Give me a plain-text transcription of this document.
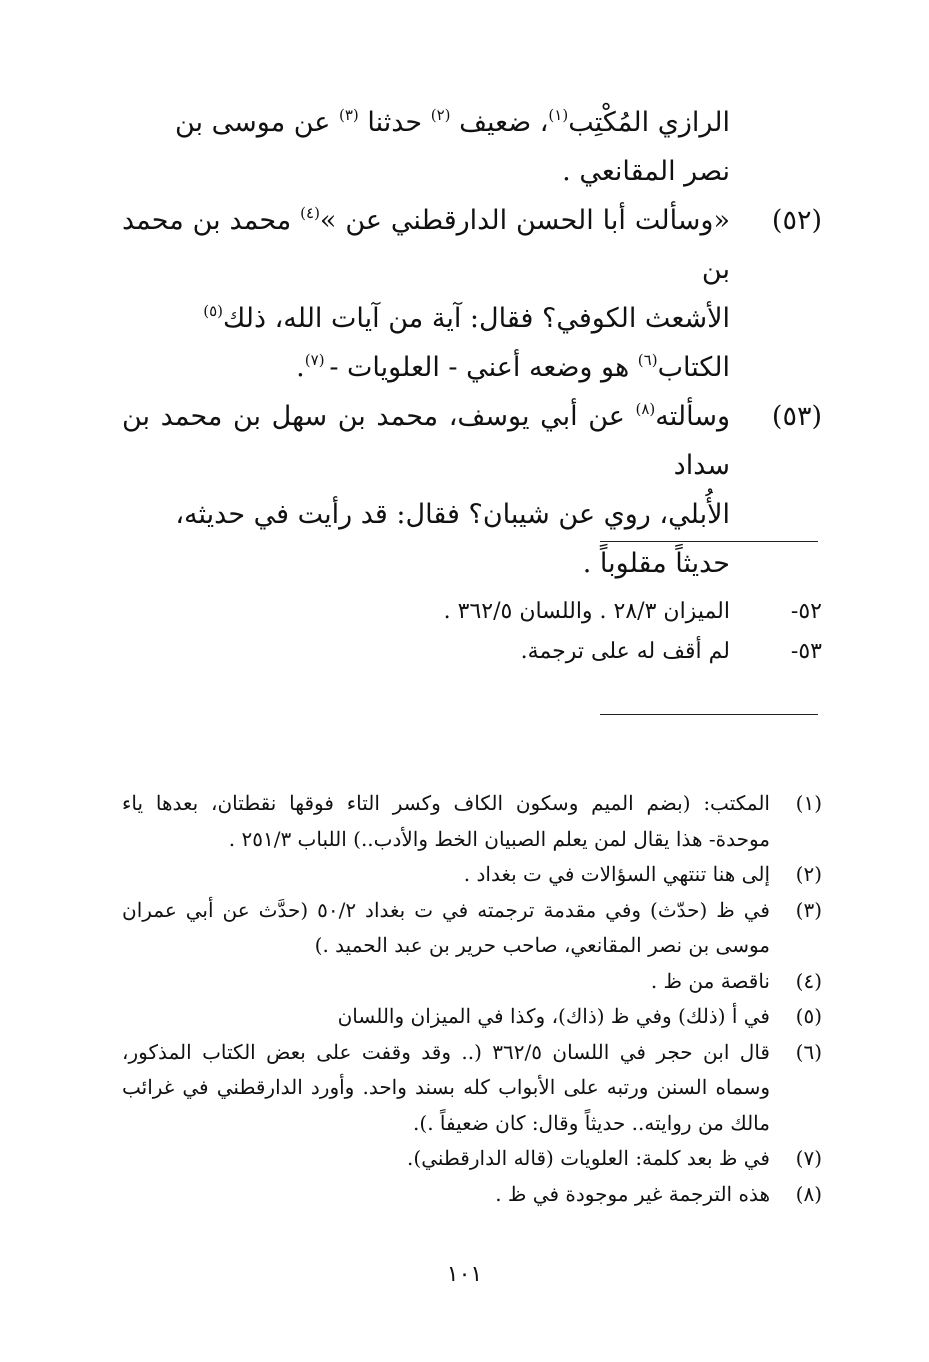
الرازي المُكْتِب$^{(١)}$، ضعيف $^{(٢)}$ حدثنا $^{(٣)}$ عن موسى بن
نصر المقانعي .
(٥٢)
«وسألت أبا الحسن الدارقطني عن »$^{(٤)}$ محمد بن محمد بن
الأشعث الكوفي؟ فقال: آية من آيات الله، ذلك$^{(٥)}$
الكتاب$^{(٦)}$ هو وضعه أعني - العلويات - $^{(٧)}$.
(٥٣)
وسألته$^{(٨)}$ عن أبي يوسف، محمد بن سهل بن محمد بن سداد
الأُبلي، روي عن شيبان؟ فقال: قد رأيت في حديثه،
حديثاً مقلوباً .
٥٢-
الميزان ٢٨/٣ . واللسان ٣٦٢/٥ .
٥٣-
لم أقف له على ترجمة.
(١)
المكتب: (بضم الميم وسكون الكاف وكسر التاء فوقها نقطتان، بعدها ياء موحدة- هذا يقال لمن يعلم الصبيان الخط والأدب..) اللباب ٢٥١/٣ .
(٢)
إلى هنا تنتهي السؤالات في ت بغداد .
(٣)
في ظ (حدّث) وفي مقدمة ترجمته في ت بغداد ٥٠/٢ (حدَّث عن أبي عمران موسى بن نصر المقانعي، صاحب حرير بن عبد الحميد .)
(٤)
ناقصة من ظ .
(٥)
في أ (ذلك) وفي ظ (ذاك)، وكذا في الميزان واللسان
(٦)
قال ابن حجر في اللسان ٣٦٢/٥ (.. وقد وقفت على بعض الكتاب المذكور، وسماه السنن ورتبه على الأبواب كله بسند واحد. وأورد الدارقطني في غرائب مالك من روايته.. حديثاً وقال: كان ضعيفاً .).
(٧)
في ظ بعد كلمة: العلويات (قاله الدارقطني).
(٨)
هذه الترجمة غير موجودة في ظ .
١٠١
